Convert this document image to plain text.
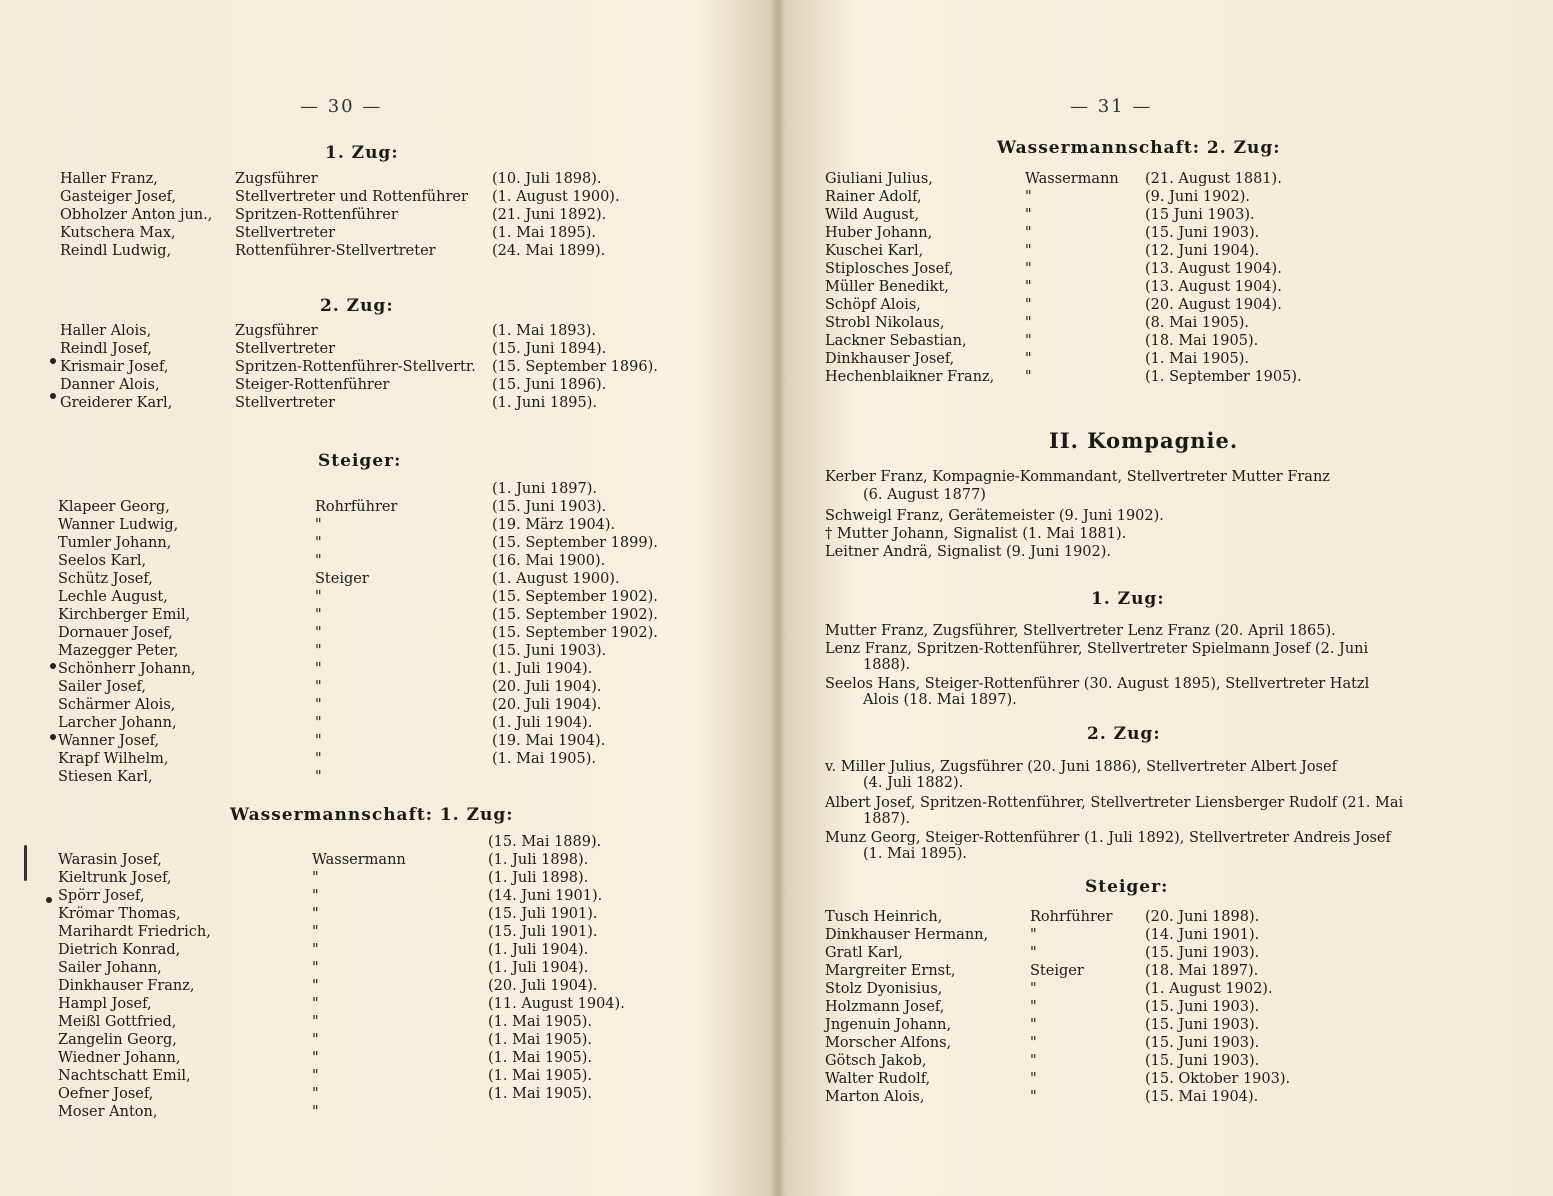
— 30 —
1. Zug:
Haller Franz,	Zugsführer	(10. Juli 1898).
Gasteiger Josef,	Stellvertreter und Rottenführer (1. August 1900).
Obholzer Anton jun., Spritzen-Rottenführer	(21. Juni 1892).
Kutschera Max,	Stellvertreter	(1. Mai 1895).
Reindl Ludwig,	Rottenführer-Stellvertreter	(24. Mai 1899).
2. Zug:
Haller Alois,	Zugsführer	(1. Mai 1893).
Reindl Josef,	Stellvertreter	(15. Juni 1894).
Krismair Josef,	Spritzen-Rottenführer-Stellvertr. (15. September 1896).
Danner Alois,	Steiger-Rottenführer	(15. Juni 1896).
Greiderer Karl,	Stellvertreter	(1. Juni 1895).
Steiger:
(1. Juni 1897).
Klapeer Georg,	Rohrführer	(15. Juni 1903).
Wanner Ludwig,	"	(19. März 1904).
Tumler Johann,	"	(15. September 1899).
Seelos Karl,	"	(16. Mai 1900).
Schütz Josef,	Steiger	(1. August 1900).
Lechle August,	"	(15. September 1902).
Kirchberger Emil,	"	(15. September 1902).
Dornauer Josef,	"	(15. September 1902).
Mazegger Peter,	"	(15. Juni 1903).
Schönherr Johann,	"	(1. Juli 1904).
Sailer Josef,	"	(20. Juli 1904).
Schärmer Alois,	"	(20. Juli 1904).
Larcher Johann,	"	(1. Juli 1904).
Wanner Josef,	"	(19. Mai 1904).
Krapf Wilhelm,	"	(1. Mai 1905).
Stiesen Karl,	"
Wassermannschaft: 1. Zug:
(15. Mai 1889).
Warasin Josef,	Wassermann	(1. Juli 1898).
Kieltrunk Josef,	"	(1. Juli 1898).
Spörr Josef,	"	(14. Juni 1901).
Krömar Thomas,	"	(15. Juli 1901).
Marihardt Friedrich,	"	(15. Juli 1901).
Dietrich Konrad,	"	(1. Juli 1904).
Sailer Johann,	"	(1. Juli 1904).
Dinkhauser Franz,	"	(20. Juli 1904).
Hampl Josef,	"	(11. August 1904).
Meißl Gottfried,	"	(1. Mai 1905).
Zangelin Georg,	"	(1. Mai 1905).
Wiedner Johann,	"	(1. Mai 1905).
Nachtschatt Emil,	"	(1. Mai 1905).
Oefner Josef,	"	(1. Mai 1905).
Moser Anton,	"
— 31 —
Wassermannschaft: 2. Zug:
Giuliani Julius,	Wassermann (21. August 1881).
Rainer Adolf,	"	(9. Juni 1902).
Wild August,	"	(15 Juni 1903).
Huber Johann,	"	(15. Juni 1903).
Kuschei Karl,	"	(12. Juni 1904).
Stiplosches Josef,	"	(13. August 1904).
Müller Benedikt,	"	(13. August 1904).
Schöpf Alois,	"	(20. August 1904).
Strobl Nikolaus,	"	(8. Mai 1905).
Lackner Sebastian,	"	(18. Mai 1905).
Dinkhauser Josef,	"	(1. Mai 1905).
Hechenblaikner Franz, "	(1. September 1905).
II. Kompagnie.
Kerber Franz, Kompagnie-Kommandant, Stellvertreter Mutter Franz
(6. August 1877)
Schweigl Franz, Gerätemeister (9. Juni 1902).
† Mutter Johann, Signalist (1. Mai 1881).
Leitner Andrä, Signalist (9. Juni 1902).
1. Zug:
Mutter Franz, Zugsführer, Stellvertreter Lenz Franz (20. April 1865).
Lenz Franz, Spritzen-Rottenführer, Stellvertreter Spielmann Josef (2. Juni
1888).
Seelos Hans, Steiger-Rottenführer (30. August 1895), Stellvertreter Hatzl
Alois (18. Mai 1897).
2. Zug:
v. Miller Julius, Zugsführer (20. Juni 1886), Stellvertreter Albert Josef
(4. Juli 1882).
Albert Josef, Spritzen-Rottenführer, Stellvertreter Liensberger Rudolf (21. Mai
1887).
Munz Georg, Steiger-Rottenführer (1. Juli 1892), Stellvertreter Andreis Josef
(1. Mai 1895).
Steiger:
Tusch Heinrich,	Rohrführer (20. Juni 1898).
Dinkhauser Hermann,	"	(14. Juni 1901).
Gratl Karl,	"	(15. Juni 1903).
Margreiter Ernst,	Steiger	(18. Mai 1897).
Stolz Dyonisius,	"	(1. August 1902).
Holzmann Josef,	"	(15. Juni 1903).
Jngenuin Johann,	"	(15. Juni 1903).
Morscher Alfons,	"	(15. Juni 1903).
Götsch Jakob,	"	(15. Juni 1903).
Walter Rudolf,	"	(15. Oktober 1903).
Marton Alois,	"	(15. Mai 1904).
